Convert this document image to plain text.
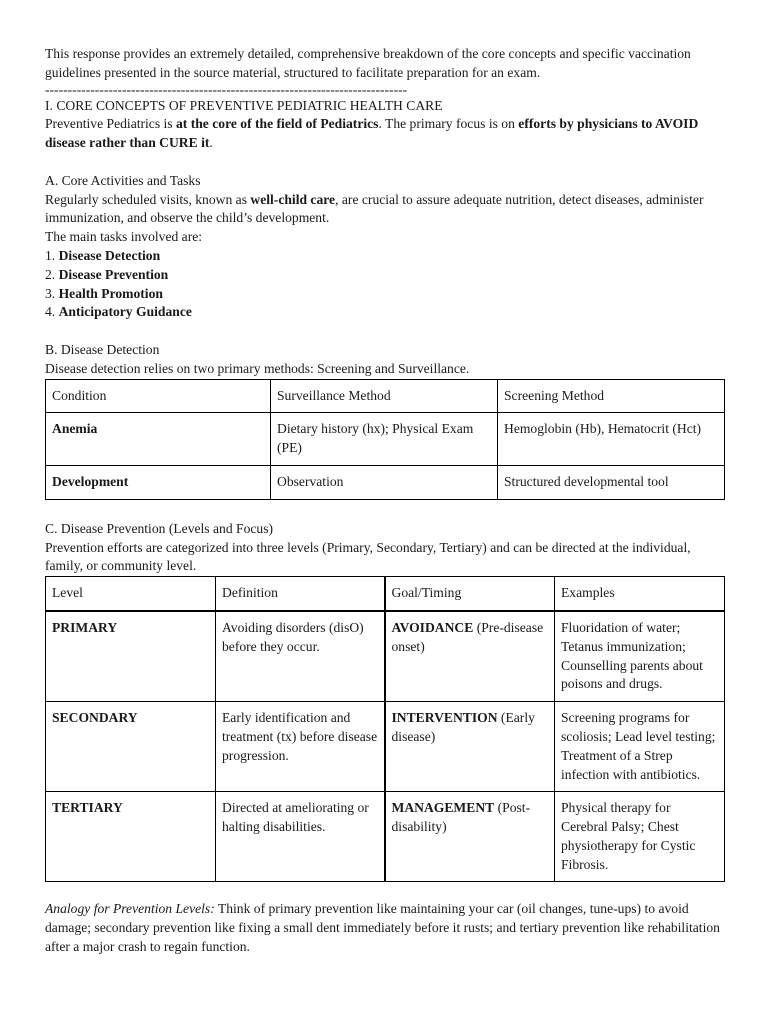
This response provides an extremely detailed, comprehensive breakdown of the core concepts and specific vaccination guidelines presented in the source material, structured to facilitate preparation for an exam.

--------------------------------------------------------------------------------

I. CORE CONCEPTS OF PREVENTIVE PEDIATRIC HEALTH CARE

Preventive Pediatrics is at the core of the field of Pediatrics. The primary focus is on efforts by physicians to AVOID disease rather than CURE it.

A. Core Activities and Tasks

Regularly scheduled visits, known as well-child care, are crucial to assure adequate nutrition, detect diseases, administer immunization, and observe the child’s development.

The main tasks involved are:

1. Disease Detection

2. Disease Prevention

3. Health Promotion

4. Anticipatory Guidance

B. Disease Detection

Disease detection relies on two primary methods: Screening and Surveillance.

Condition	Surveillance Method	Screening Method
Anemia	Dietary history (hx); Physical Exam (PE)	Hemoglobin (Hb), Hematocrit (Hct)
Development	Observation	Structured developmental tool

C. Disease Prevention (Levels and Focus)

Prevention efforts are categorized into three levels (Primary, Secondary, Tertiary) and can be directed at the individual, family, or community level.

Level	Definition	Goal/Timing	Examples
PRIMARY	Avoiding disorders (disO) before they occur.	AVOIDANCE (Pre-disease onset)	Fluoridation of water; Tetanus immunization; Counselling parents about poisons and drugs.
SECONDARY	Early identification and treatment (tx) before disease progression.	INTERVENTION (Early disease)	Screening programs for scoliosis; Lead level testing; Treatment of a Strep infection with antibiotics.
TERTIARY	Directed at ameliorating or halting disabilities.	MANAGEMENT (Post-disability)	Physical therapy for Cerebral Palsy; Chest physiotherapy for Cystic Fibrosis.

Analogy for Prevention Levels: Think of primary prevention like maintaining your car (oil changes, tune-ups) to avoid damage; secondary prevention like fixing a small dent immediately before it rusts; and tertiary prevention like rehabilitation after a major crash to regain function.
